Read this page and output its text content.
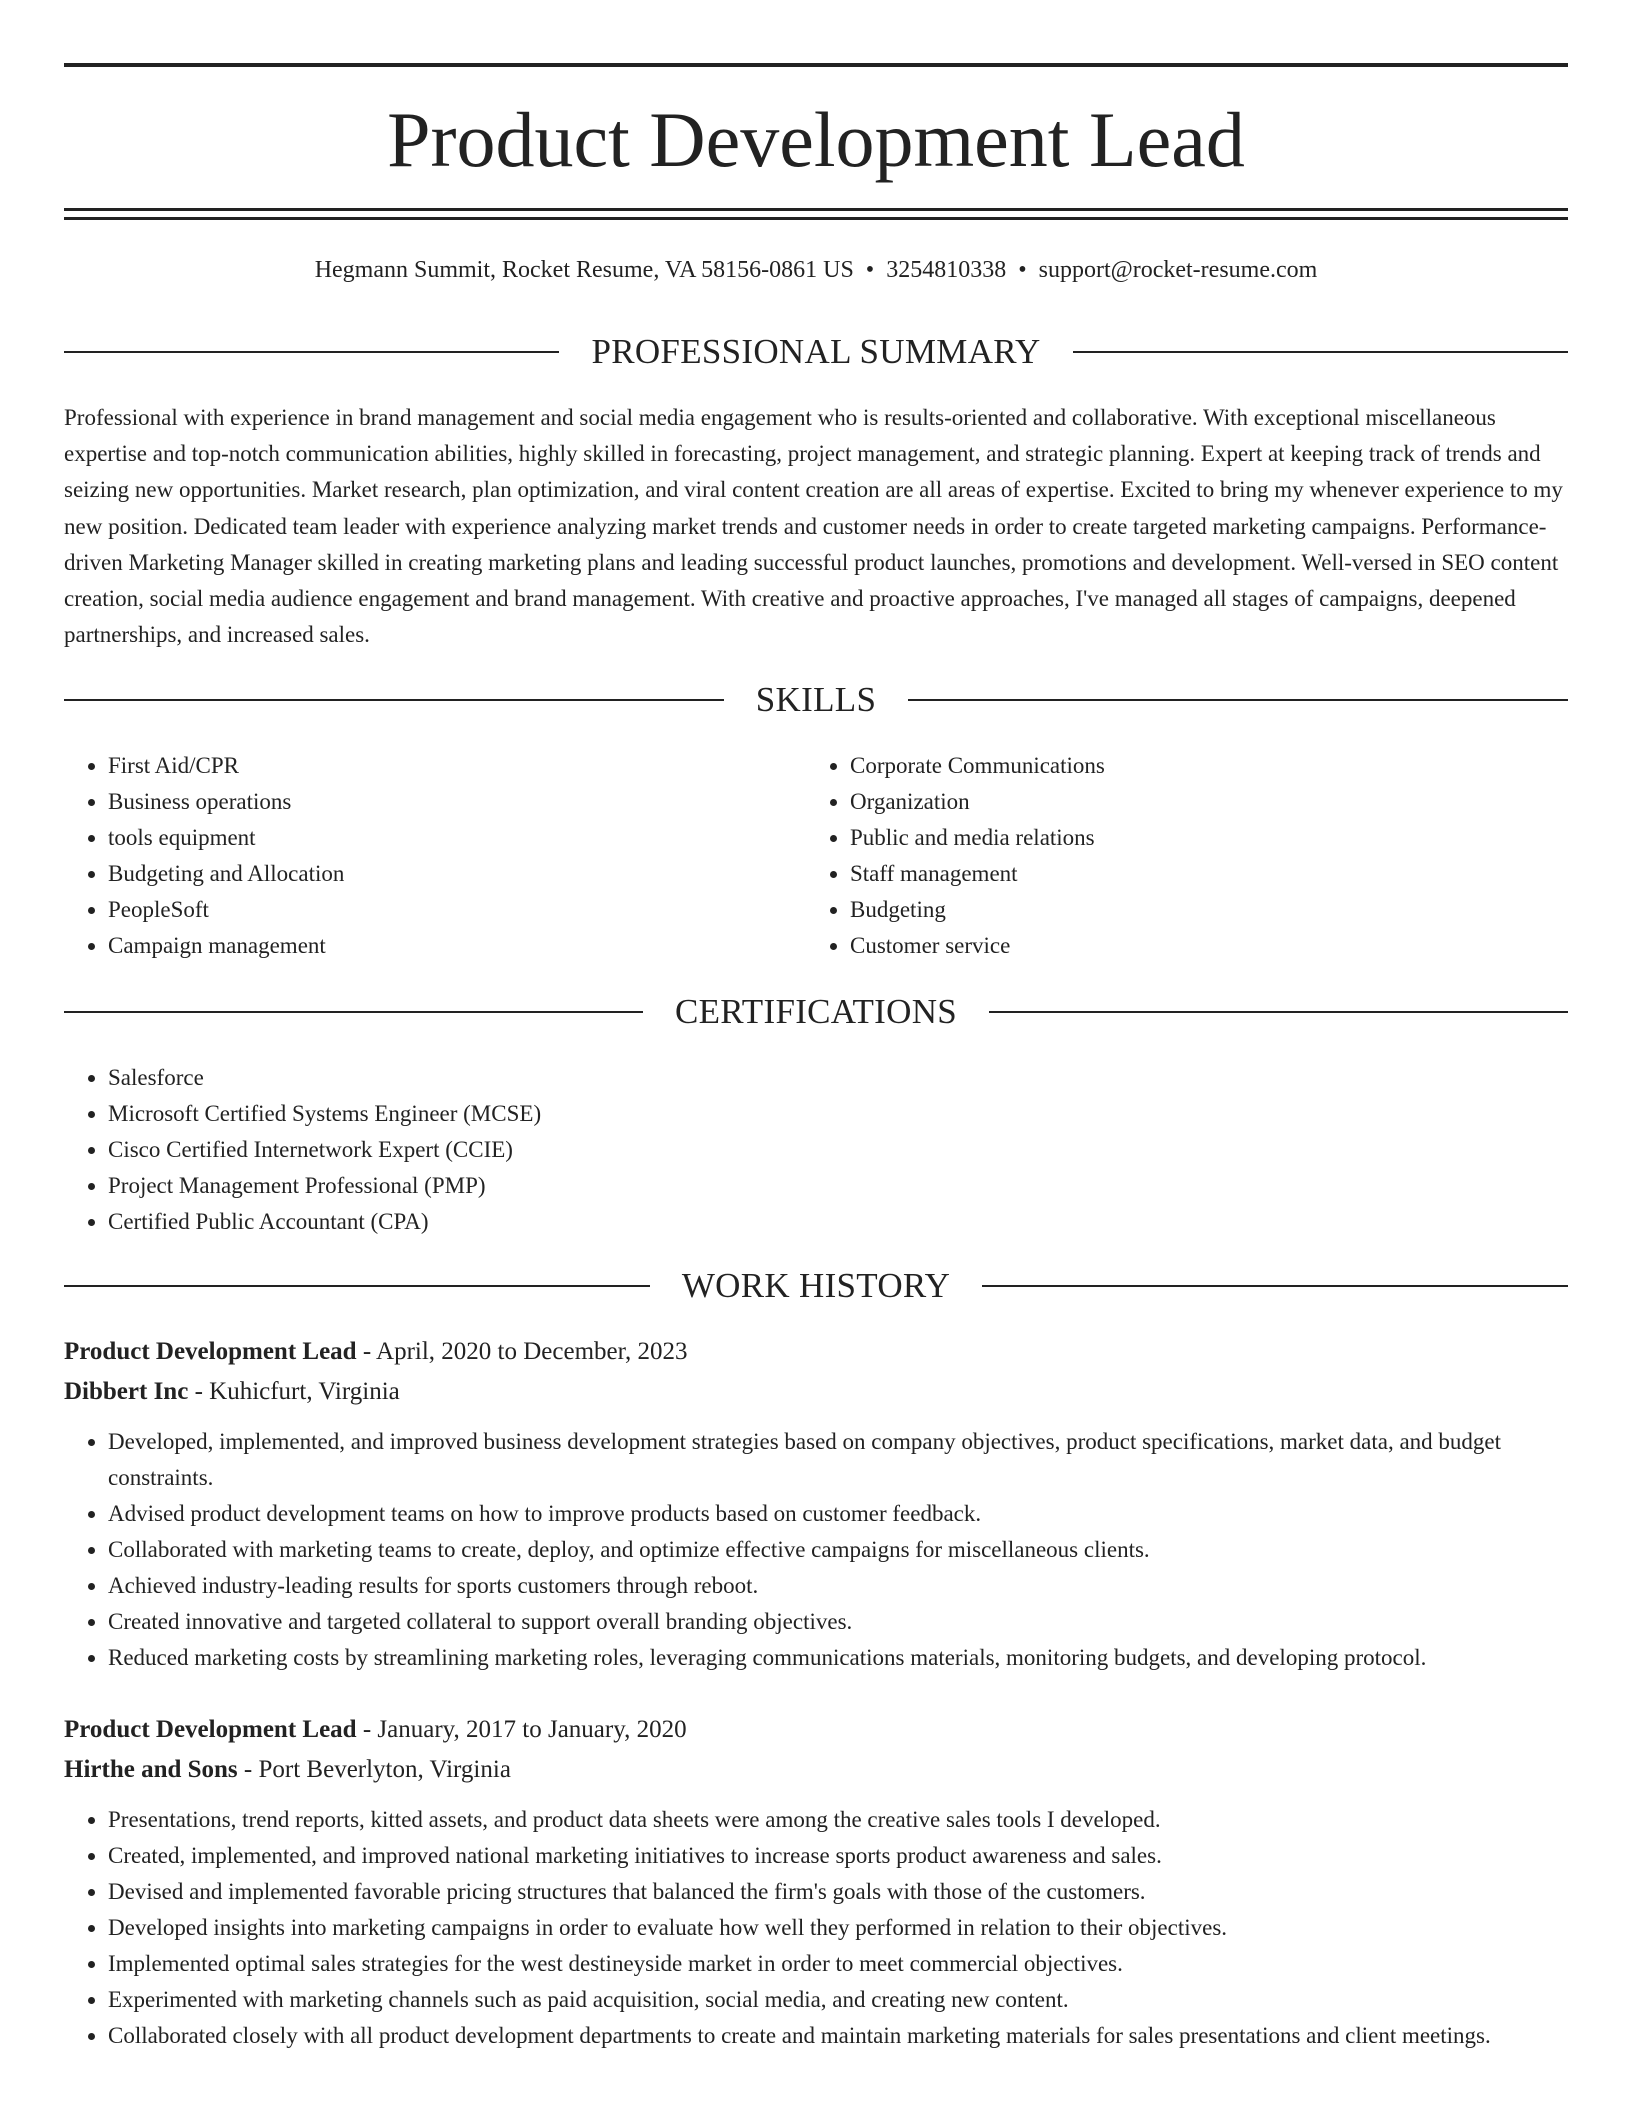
Product Development Lead
Hegmann Summit, Rocket Resume, VA 58156-0861 US • 3254810338 • support@rocket-resume.com
PROFESSIONAL SUMMARY

Professional with experience in brand management and social media engagement who is results-oriented and collaborative. With exceptional miscellaneous expertise and top-notch communication abilities, highly skilled in forecasting, project management, and strategic planning. Expert at keeping track of trends and seizing new opportunities. Market research, plan optimization, and viral content creation are all areas of expertise. Excited to bring my whenever experience to my new position. Dedicated team leader with experience analyzing market trends and customer needs in order to create targeted marketing campaigns. Performance-driven Marketing Manager skilled in creating marketing plans and leading successful product launches, promotions and development. Well-versed in SEO content creation, social media audience engagement and brand management. With creative and proactive approaches, I've managed all stages of campaigns, deepened partnerships, and increased sales.

SKILLS
• First Aid/CPR
• Business operations
• tools equipment
• Budgeting and Allocation
• PeopleSoft
• Campaign management
• Corporate Communications
• Organization
• Public and media relations
• Staff management
• Budgeting
• Customer service
CERTIFICATIONS
• Salesforce
• Microsoft Certified Systems Engineer (MCSE)
• Cisco Certified Internetwork Expert (CCIE)
• Project Management Professional (PMP)
• Certified Public Accountant (CPA)
WORK HISTORY
Product Development Lead - April, 2020 to December, 2023
Dibbert Inc - Kuhicfurt, Virginia
• Developed, implemented, and improved business development strategies based on company objectives, product specifications, market data, and budget constraints.
• Advised product development teams on how to improve products based on customer feedback.
• Collaborated with marketing teams to create, deploy, and optimize effective campaigns for miscellaneous clients.
• Achieved industry-leading results for sports customers through reboot.
• Created innovative and targeted collateral to support overall branding objectives.
• Reduced marketing costs by streamlining marketing roles, leveraging communications materials, monitoring budgets, and developing protocol.
Product Development Lead - January, 2017 to January, 2020
Hirthe and Sons - Port Beverlyton, Virginia
• Presentations, trend reports, kitted assets, and product data sheets were among the creative sales tools I developed.
• Created, implemented, and improved national marketing initiatives to increase sports product awareness and sales.
• Devised and implemented favorable pricing structures that balanced the firm's goals with those of the customers.
• Developed insights into marketing campaigns in order to evaluate how well they performed in relation to their objectives.
• Implemented optimal sales strategies for the west destineyside market in order to meet commercial objectives.
• Experimented with marketing channels such as paid acquisition, social media, and creating new content.
• Collaborated closely with all product development departments to create and maintain marketing materials for sales presentations and client meetings.
